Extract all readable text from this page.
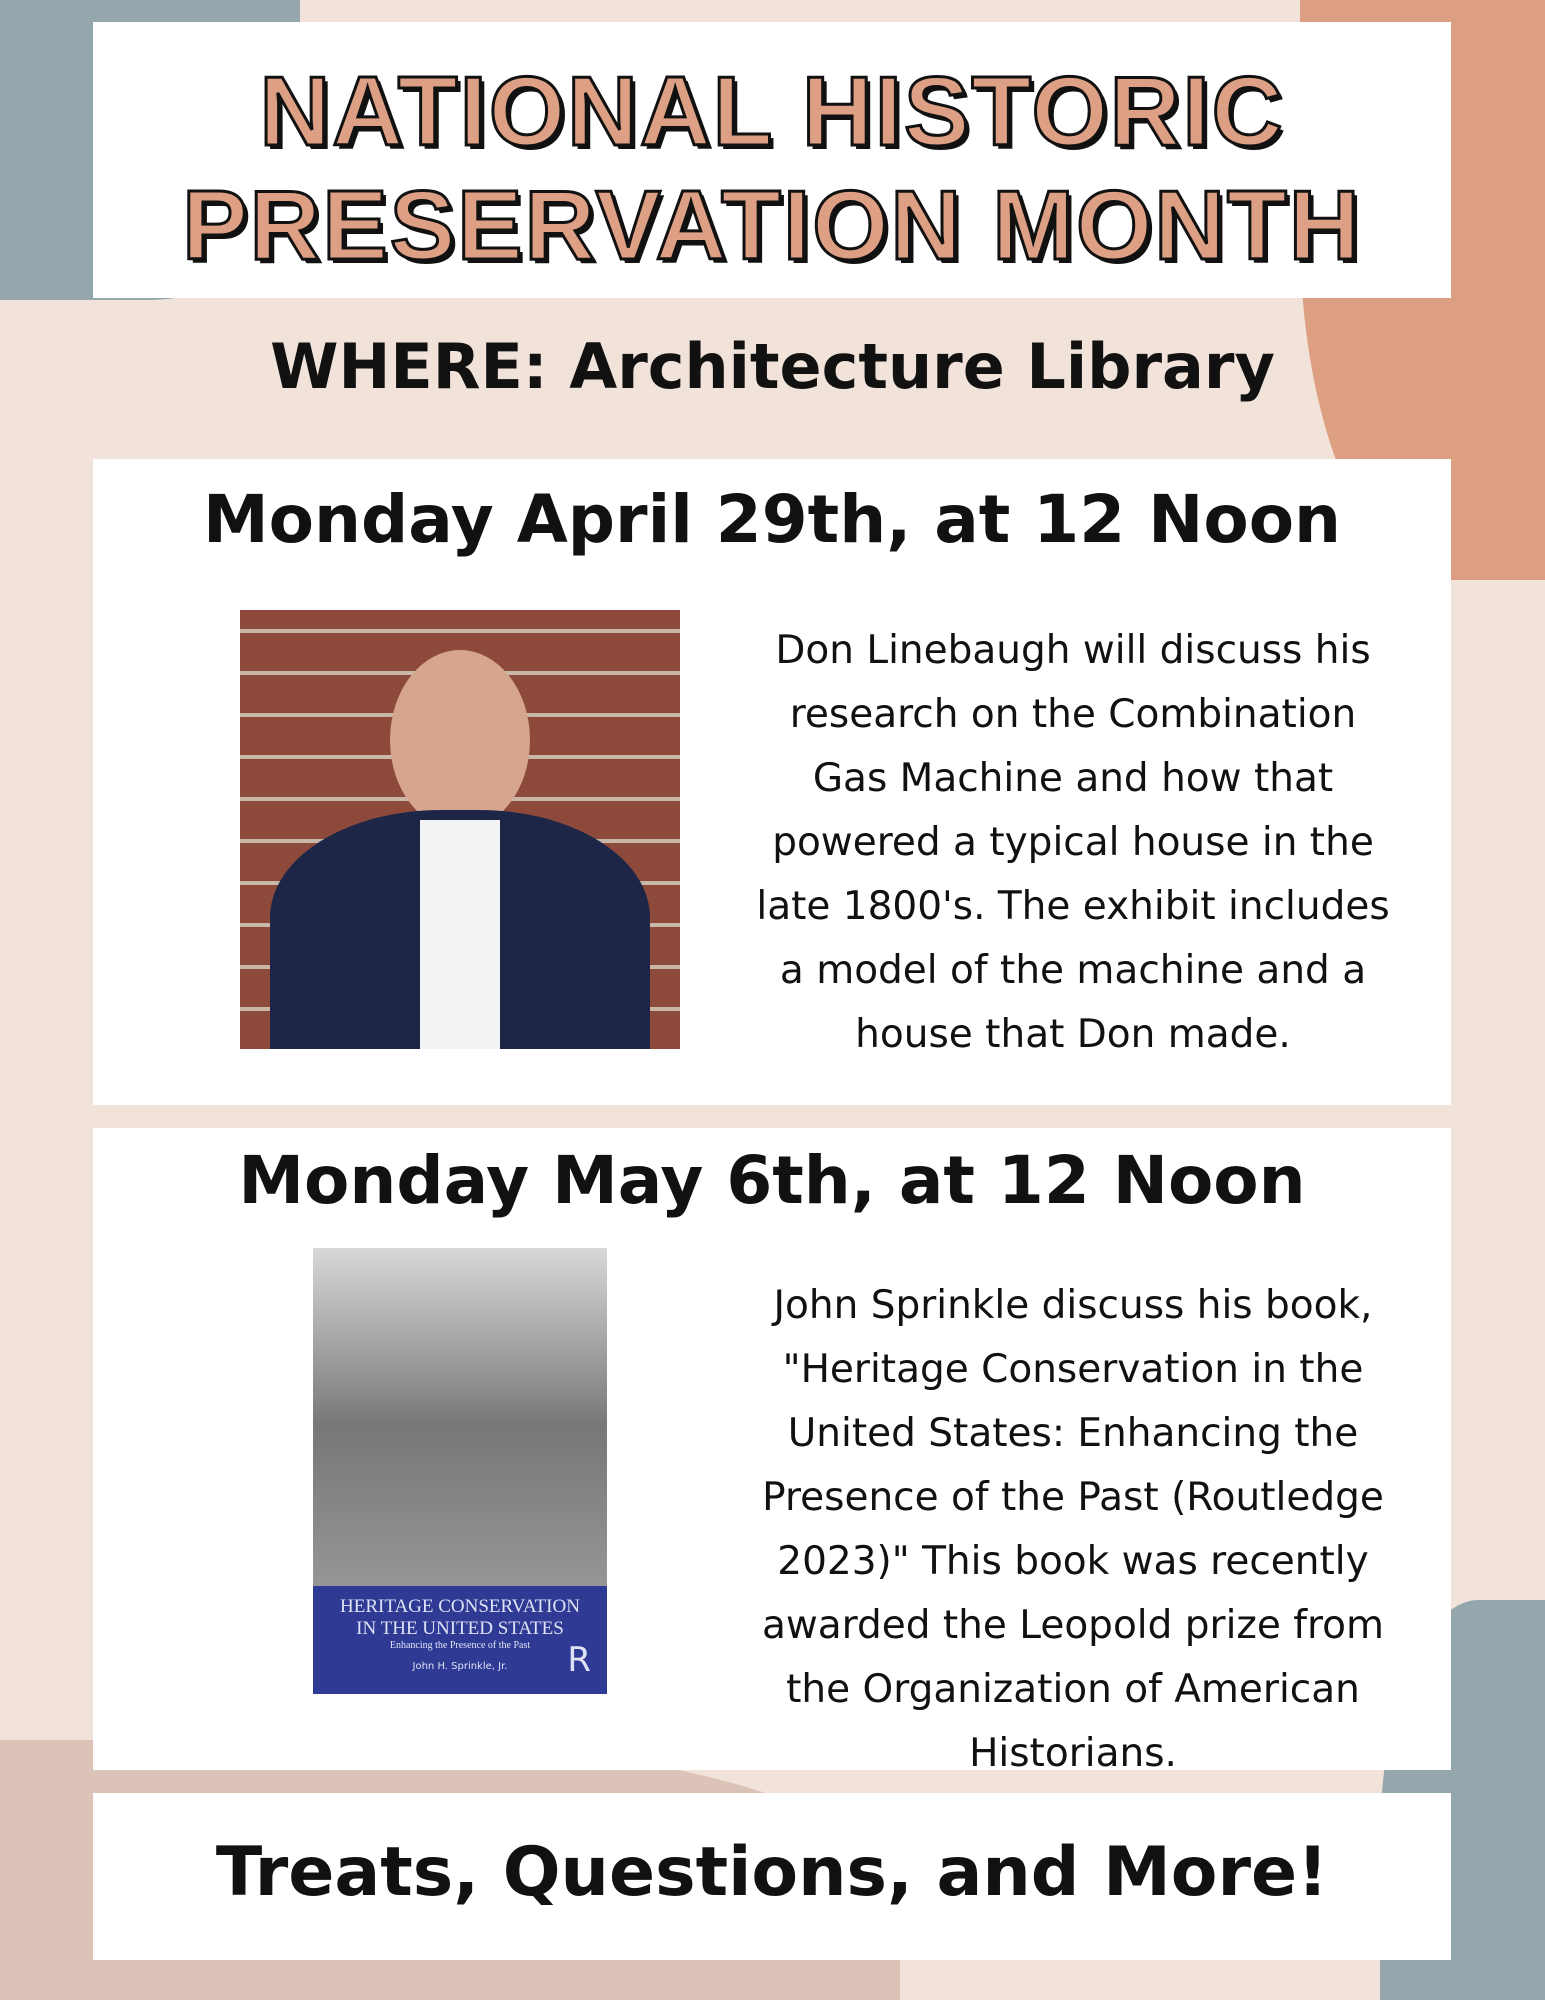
NATIONAL HISTORIC
PRESERVATION MONTH
WHERE: Architecture Library
Monday April 29th, at 12 Noon
Don Linebaugh will discuss his
research on the Combination
Gas Machine and how that
powered a typical house in the
late 1800's. The exhibit includes
a model of the machine and a
house that Don made.
Monday May 6th, at 12 Noon
HERITAGE CONSERVATION
IN THE UNITED STATES
Enhancing the Presence of the Past
John H. Sprinkle, Jr.	R
John Sprinkle discuss his book,
"Heritage Conservation in the
United States: Enhancing the
Presence of the Past (Routledge
2023)" This book was recently
awarded the Leopold prize from
the Organization of American
Historians.
Treats, Questions, and More!
